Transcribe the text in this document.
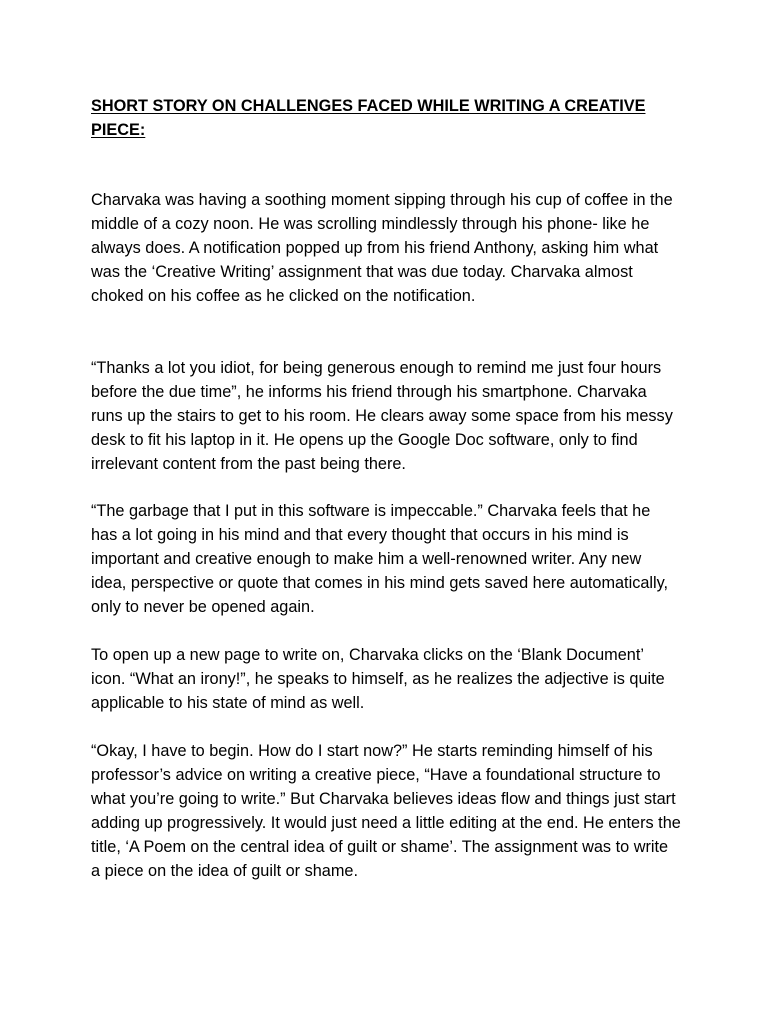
SHORT STORY ON CHALLENGES FACED WHILE WRITING A CREATIVE PIECE:

Charvaka was having a soothing moment sipping through his cup of coffee in the middle of a cozy noon. He was scrolling mindlessly through his phone- like he always does. A notification popped up from his friend Anthony, asking him what was the ‘Creative Writing’ assignment that was due today. Charvaka almost choked on his coffee as he clicked on the notification.

“Thanks a lot you idiot, for being generous enough to remind me just four hours before the due time”, he informs his friend through his smartphone. Charvaka runs up the stairs to get to his room. He clears away some space from his messy desk to fit his laptop in it. He opens up the Google Doc software, only to find irrelevant content from the past being there.

“The garbage that I put in this software is impeccable.” Charvaka feels that he has a lot going in his mind and that every thought that occurs in his mind is important and creative enough to make him a well-renowned writer. Any new idea, perspective or quote that comes in his mind gets saved here automatically, only to never be opened again.

To open up a new page to write on, Charvaka clicks on the ‘Blank Document’ icon. “What an irony!”, he speaks to himself, as he realizes the adjective is quite applicable to his state of mind as well.

“Okay, I have to begin. How do I start now?” He starts reminding himself of his professor’s advice on writing a creative piece, “Have a foundational structure to what you’re going to write.” But Charvaka believes ideas flow and things just start adding up progressively. It would just need a little editing at the end. He enters the title, ‘A Poem on the central idea of guilt or shame’. The assignment was to write a piece on the idea of guilt or shame.
